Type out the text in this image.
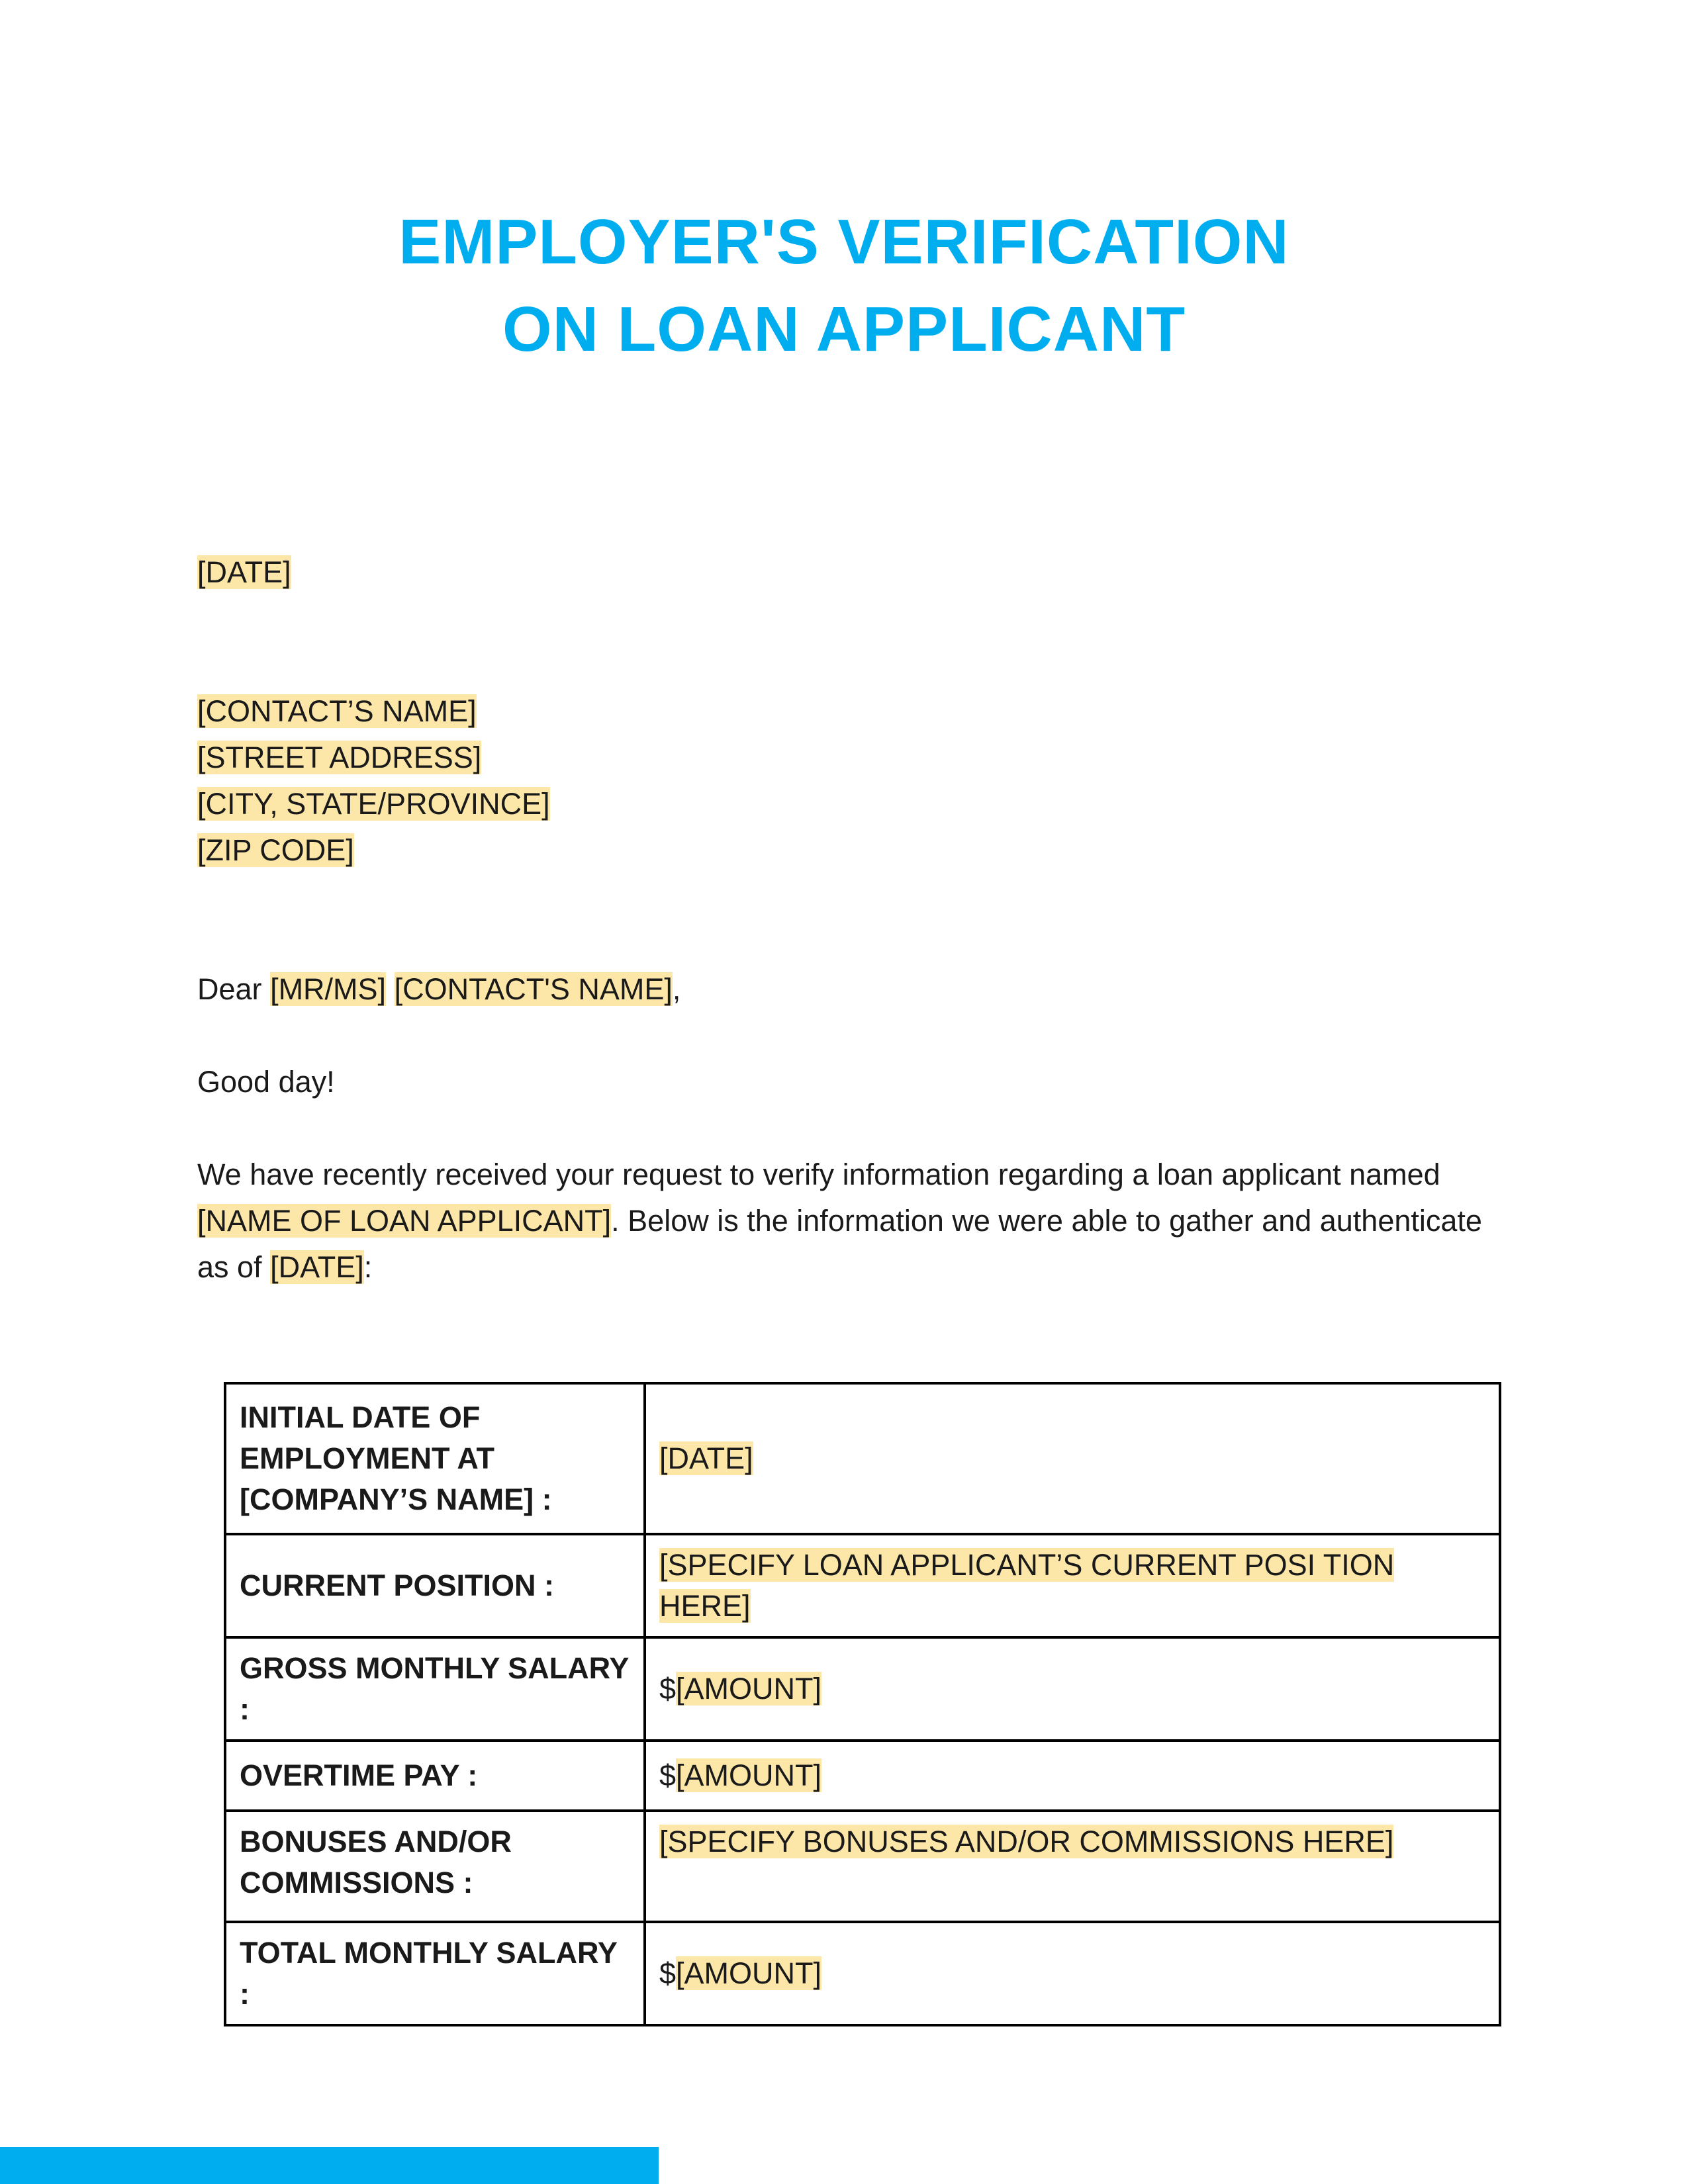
EMPLOYER'S VERIFICATION
ON LOAN APPLICANT
[DATE]
[CONTACT’S NAME]
[STREET ADDRESS]
[CITY, STATE/PROVINCE]
[ZIP CODE]
Dear [MR/MS] [CONTACT'S NAME],
Good day!
We have recently received your request to verify information regarding a loan applicant named [NAME OF LOAN APPLICANT]. Below is the information we were able to gather and authenticate as of [DATE]:
INITIAL DATE OF EMPLOYMENT AT [COMPANY’S NAME] :	[DATE]
CURRENT POSITION :	[SPECIFY LOAN APPLICANT’S CURRENT POSI TION HERE]
GROSS MONTHLY SALARY :	$[AMOUNT]
OVERTIME PAY :	$[AMOUNT]
BONUSES AND/OR COMMISSIONS :	[SPECIFY BONUSES AND/OR COMMISSIONS HERE]
TOTAL MONTHLY SALARY :	$[AMOUNT]
